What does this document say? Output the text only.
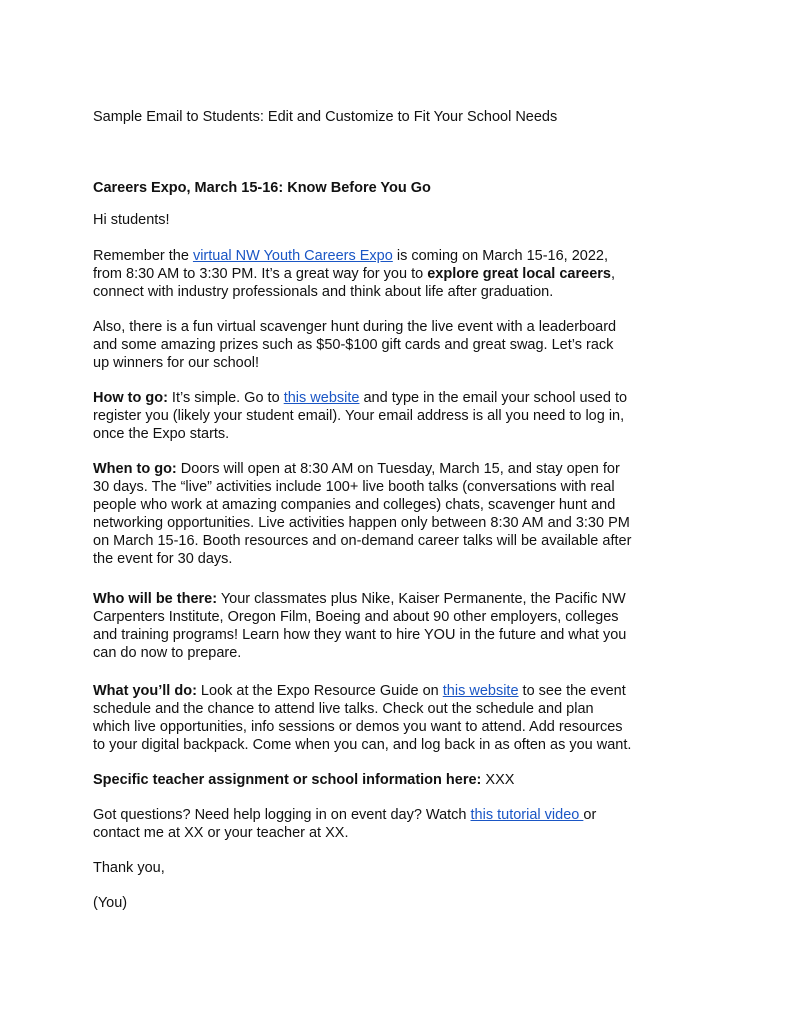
Sample Email to Students: Edit and Customize to Fit Your School Needs
Careers Expo, March 15-16: Know Before You Go
Hi students!
Remember the virtual NW Youth Careers Expo is coming on March 15-16, 2022,
from 8:30 AM to 3:30 PM. It’s a great way for you to explore great local careers,
connect with industry professionals and think about life after graduation.
Also, there is a fun virtual scavenger hunt during the live event with a leaderboard
and some amazing prizes such as $50-$100 gift cards and great swag. Let’s rack
up winners for our school!
How to go: It’s simple. Go to this website and type in the email your school used to
register you (likely your student email). Your email address is all you need to log in,
once the Expo starts.
When to go: Doors will open at 8:30 AM on Tuesday, March 15, and stay open for
30 days. The “live” activities include 100+ live booth talks (conversations with real
people who work at amazing companies and colleges) chats, scavenger hunt and
networking opportunities. Live activities happen only between 8:30 AM and 3:30 PM
on March 15-16. Booth resources and on-demand career talks will be available after
the event for 30 days.
Who will be there: Your classmates plus Nike, Kaiser Permanente, the Pacific NW
Carpenters Institute, Oregon Film, Boeing and about 90 other employers, colleges
and training programs! Learn how they want to hire YOU in the future and what you
can do now to prepare.
What you’ll do: Look at the Expo Resource Guide on this website to see the event
schedule and the chance to attend live talks. Check out the schedule and plan
which live opportunities, info sessions or demos you want to attend. Add resources
to your digital backpack. Come when you can, and log back in as often as you want.
Specific teacher assignment or school information here: XXX
Got questions? Need help logging in on event day? Watch this tutorial video or
contact me at XX or your teacher at XX.
Thank you,
(You)
